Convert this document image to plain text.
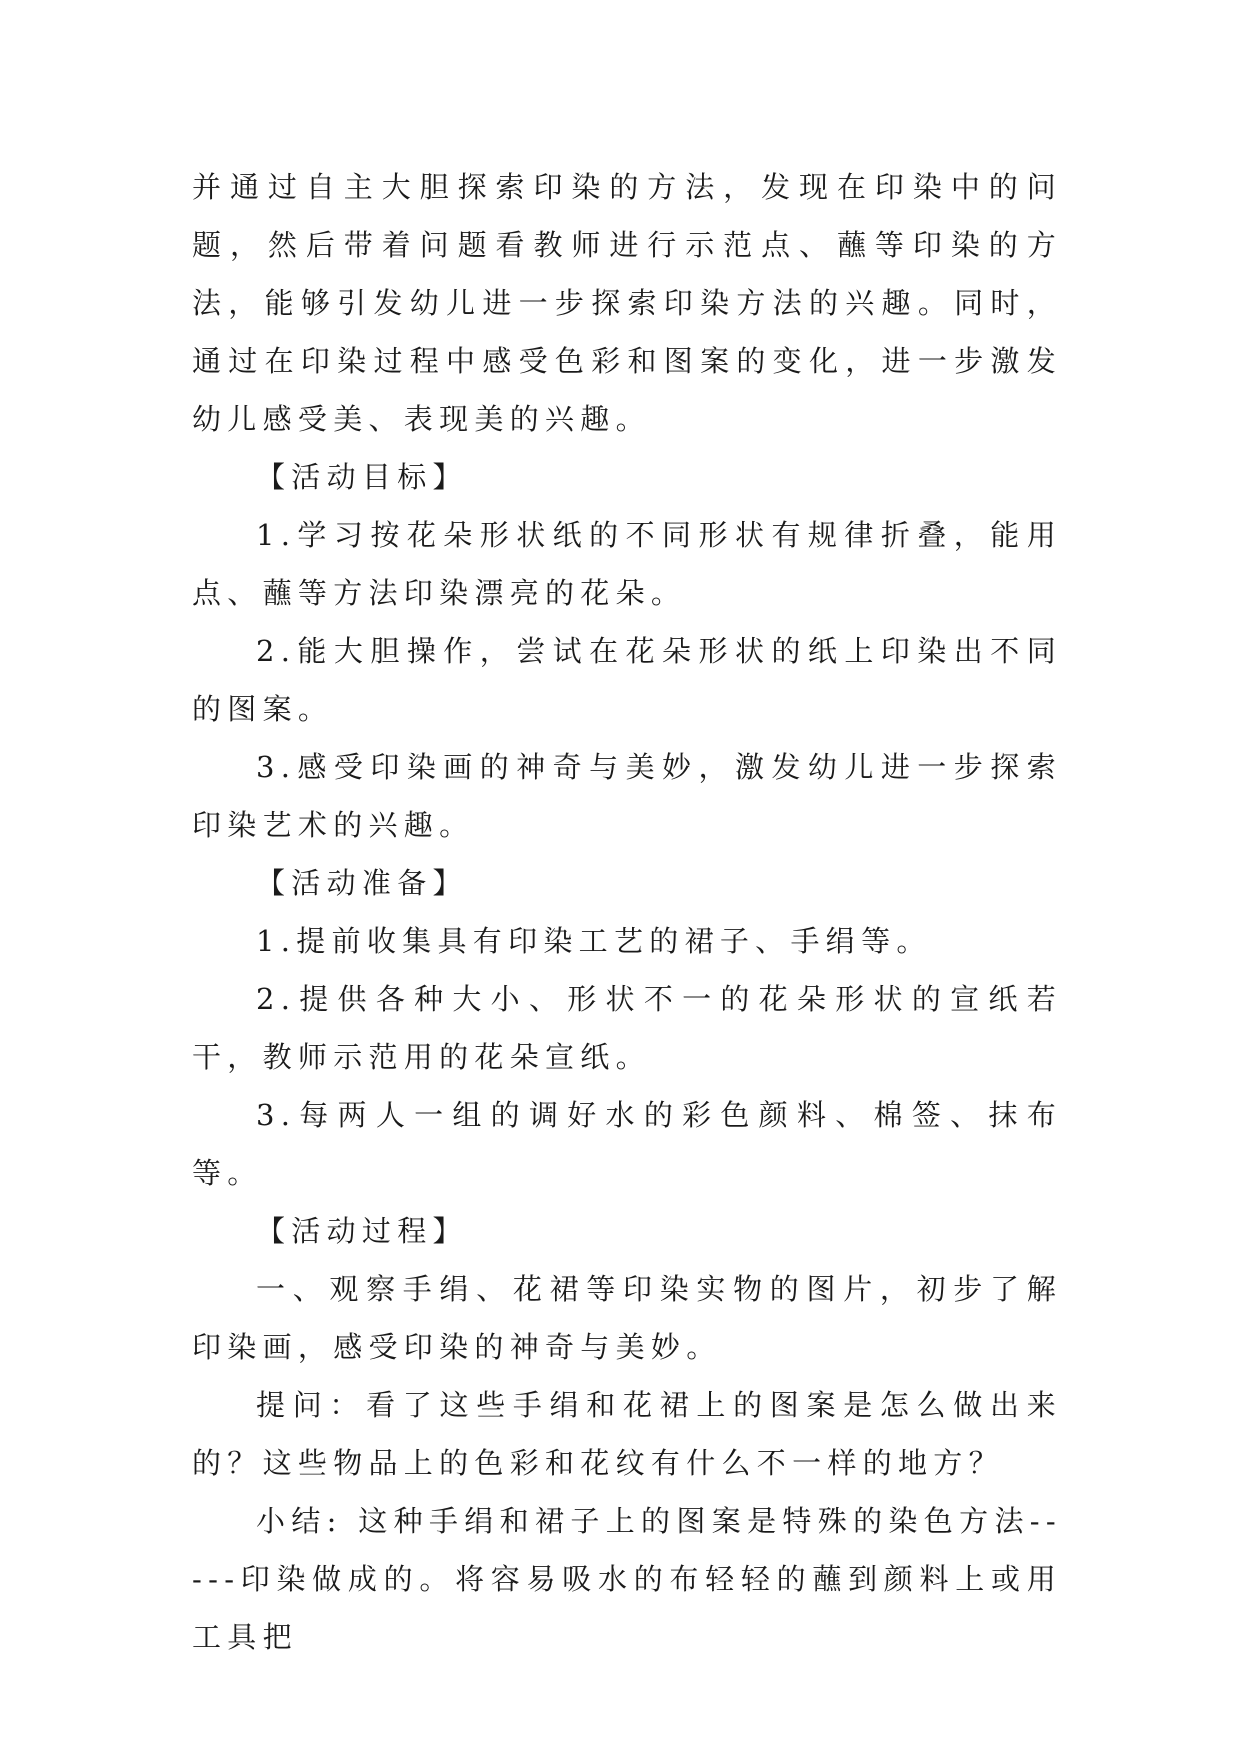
并通过自主大胆探索印染的方法，发现在印染中的问题，然后带着问题看教师进行示范点、蘸等印染的方法，能够引发幼儿进一步探索印染方法的兴趣。同时，通过在印染过程中感受色彩和图案的变化，进一步激发幼儿感受美、表现美的兴趣。

【活动目标】

1.学习按花朵形状纸的不同形状有规律折叠，能用点、蘸等方法印染漂亮的花朵。

2.能大胆操作，尝试在花朵形状的纸上印染出不同的图案。

3.感受印染画的神奇与美妙，激发幼儿进一步探索印染艺术的兴趣。

【活动准备】

1.提前收集具有印染工艺的裙子、手绢等。

2.提供各种大小、形状不一的花朵形状的宣纸若干，教师示范用的花朵宣纸。

3.每两人一组的调好水的彩色颜料、棉签、抹布等。

【活动过程】

一、观察手绢、花裙等印染实物的图片，初步了解印染画，感受印染的神奇与美妙。

提问：看了这些手绢和花裙上的图案是怎么做出来的？这些物品上的色彩和花纹有什么不一样的地方？

小结: 这种手绢和裙子上的图案是特殊的染色方法-----印染做成的。将容易吸水的布轻轻的蘸到颜料上或用工具把
